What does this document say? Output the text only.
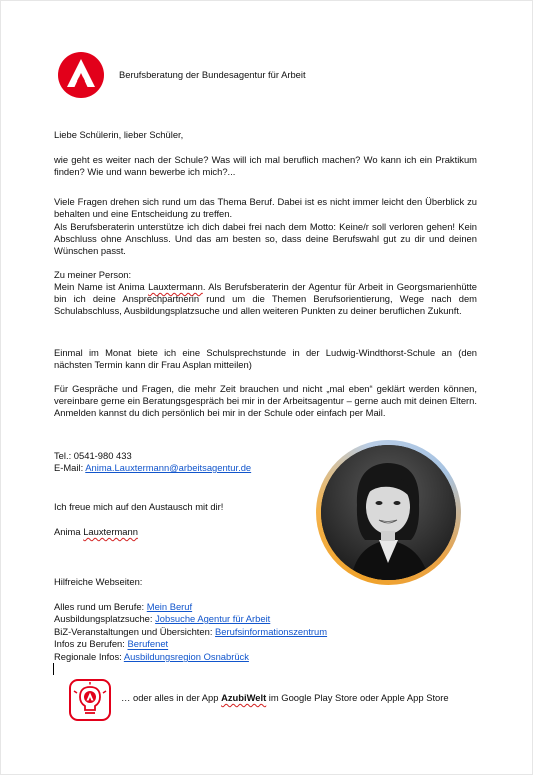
Berufsberatung der Bundesagentur für Arbeit

Liebe Schülerin, lieber Schüler,

wie geht es weiter nach der Schule? Was will ich mal beruflich machen? Wo kann ich ein Praktikum finden? Wie und wann bewerbe ich mich?...

Viele Fragen drehen sich rund um das Thema Beruf. Dabei ist es nicht immer leicht den Überblick zu behalten und eine Entscheidung zu treffen.

Als Berufsberaterin unterstütze ich dich dabei frei nach dem Motto: Keine/r soll verloren gehen! Kein Abschluss ohne Anschluss. Und das am besten so, dass deine Berufswahl gut zu dir und deinen Wünschen passt.

Zu meiner Person:

Mein Name ist Anima Lauxtermann. Als Berufsberaterin der Agentur für Arbeit in Georgsmarienhütte bin ich deine Ansprechpartnerin rund um die Themen Berufsorientierung, Wege nach dem Schulabschluss, Ausbildungsplatzsuche und allen weiteren Punkten zu deiner beruflichen Zukunft.

Einmal im Monat biete ich eine Schulsprechstunde in der Ludwig-Windthorst-Schule an (den nächsten Termin kann dir Frau Asplan mitteilen)

Für Gespräche und Fragen, die mehr Zeit brauchen und nicht „mal eben“ geklärt werden können, vereinbare gerne ein Beratungsgespräch bei mir in der Arbeitsagentur – gerne auch mit deinen Eltern. Anmelden kannst du dich persönlich bei mir in der Schule oder einfach per Mail.

Tel.: 0541-980 433

E-Mail: Anima.Lauxtermann@arbeitsagentur.de

Ich freue mich auf den Austausch mit dir!

Anima Lauxtermann

Hilfreiche Webseiten:

Alles rund um Berufe: Mein Beruf

Ausbildungsplatzsuche: Jobsuche Agentur für Arbeit

BiZ-Veranstaltungen und Übersichten: Berufsinformationszentrum

Infos zu Berufen: Berufenet

Regionale Infos: Ausbildungsregion Osnabrück

… oder alles in der App AzubiWelt im Google Play Store oder Apple App Store
